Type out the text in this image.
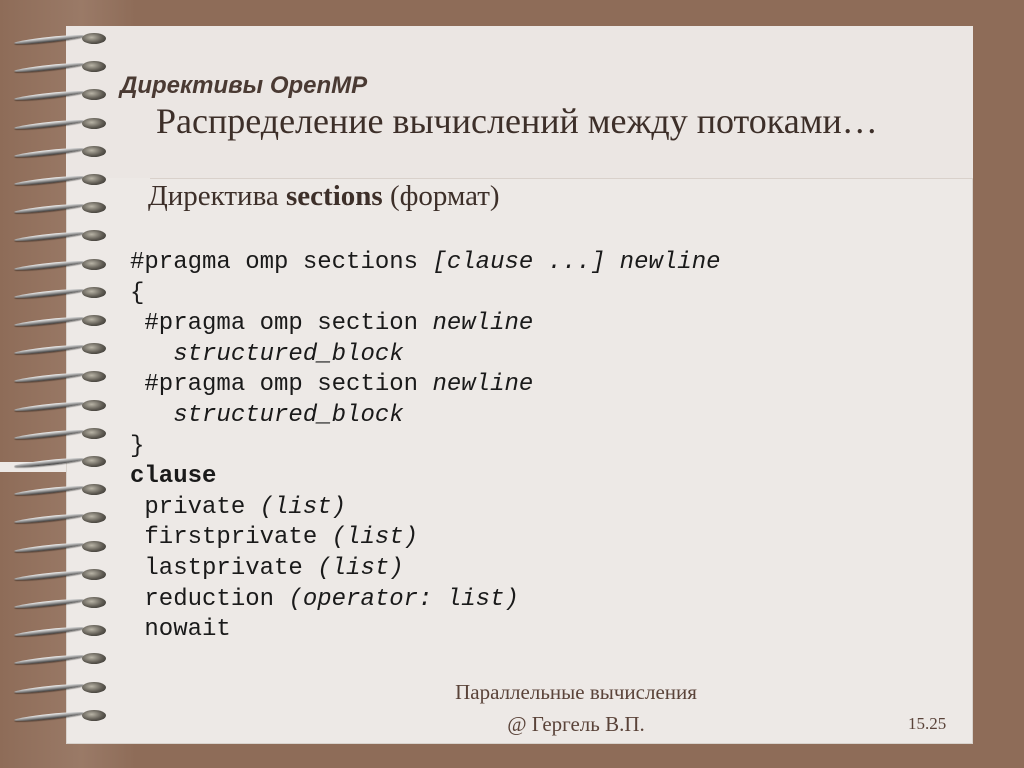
Директивы OpenMP
Распределение вычислений между потоками…
Директива sections (формат)
#pragma omp sections [clause ...] newline
{
#pragma omp section newline
structured_block
#pragma omp section newline
structured_block
}
clause
private (list)
firstprivate (list)
lastprivate (list)
reduction (operator: list)
nowait
Параллельные вычисления
@ Гергель В.П.	15.25
